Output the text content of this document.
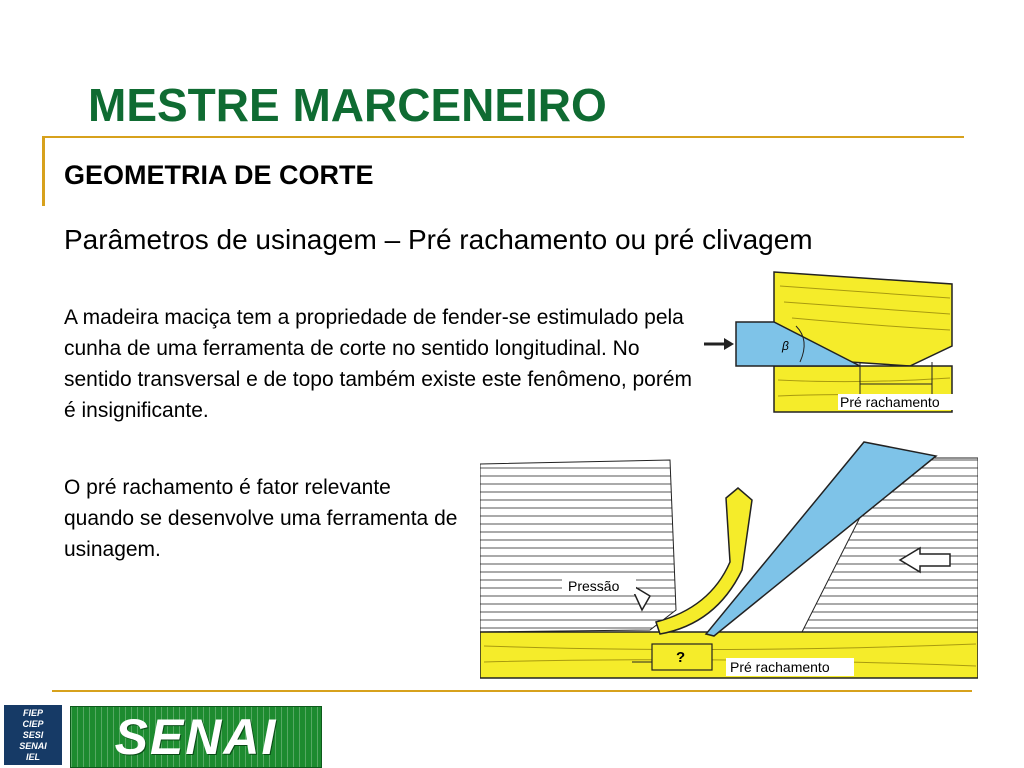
MESTRE MARCENEIRO
GEOMETRIA DE CORTE
Parâmetros de usinagem – Pré rachamento ou pré clivagem

A madeira maciça tem a propriedade de fender-se estimulado pela cunha de uma ferramenta de corte no sentido longitudinal. No sentido transversal e de topo também existe este fenômeno, porém é insignificante.

O pré rachamento é fator relevante quando se desenvolve uma ferramenta de usinagem.

β
Pré rachamento
Pressão
?
Pré rachamento
FIEP
CIEP
SESI
SENAI
IEL SENAI
